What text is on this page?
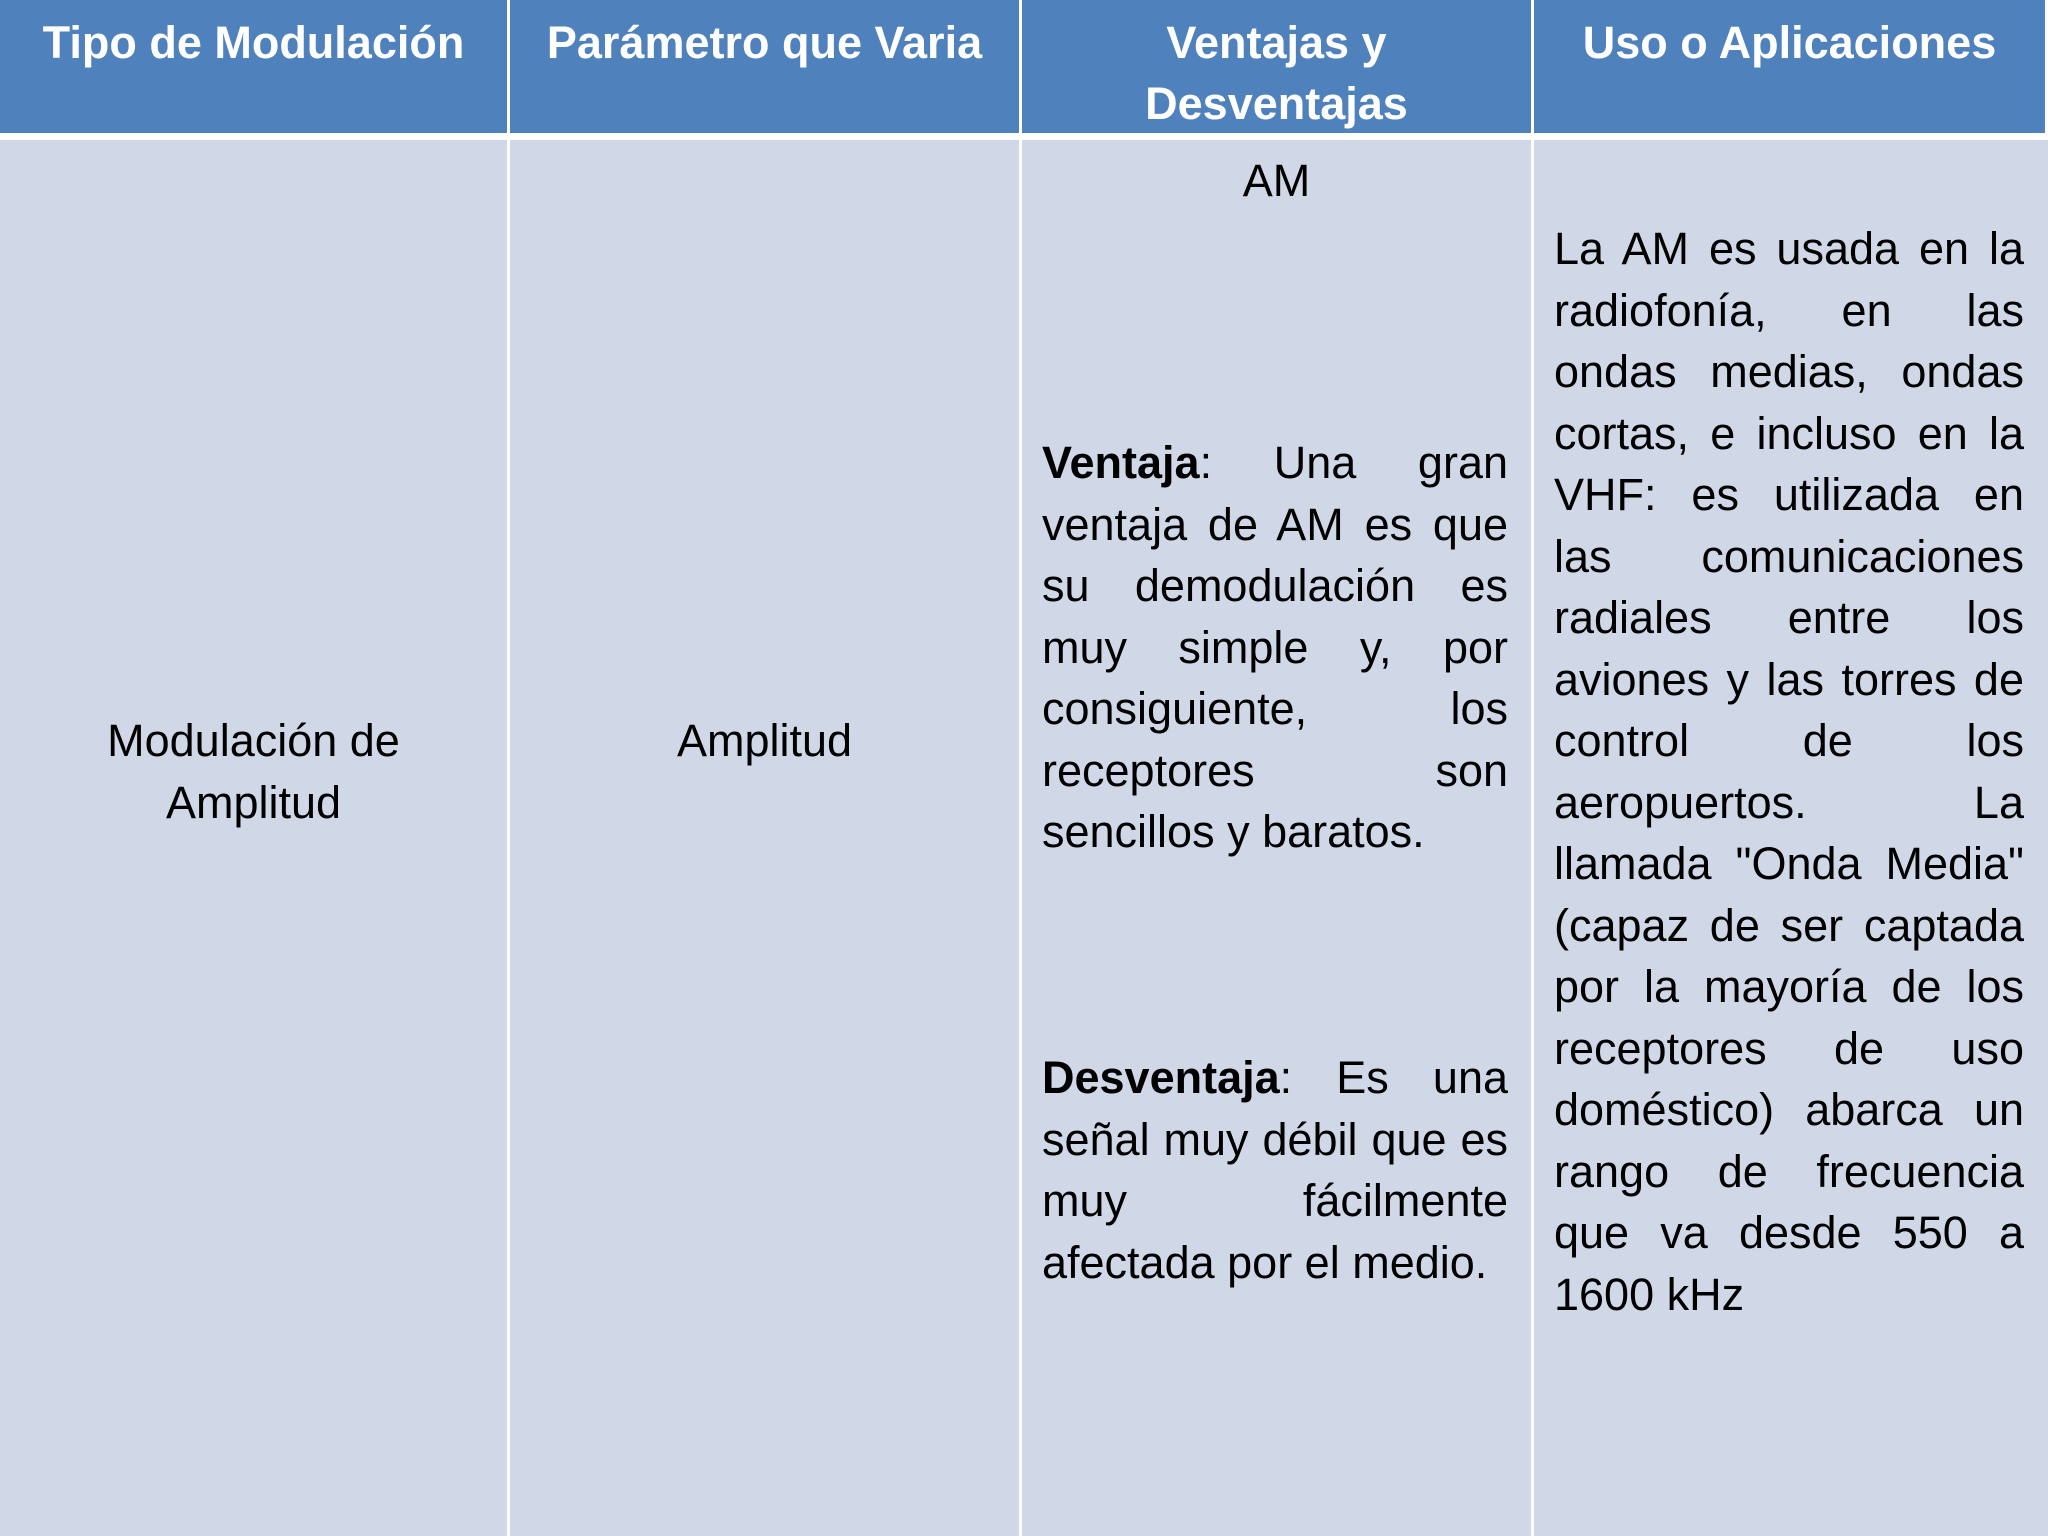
Tipo de Modulación	Parámetro que Varia	Ventajas y Desventajas
Uso o Aplicaciones
Modulación de Amplitud
Amplitud
AM
Ventaja: Una gran ventaja de AM es que su demodulación es muy simple y, por consiguiente, los receptores son sencillos y baratos.
Desventaja: Es una señal muy débil que es muy fácilmente afectada por el medio.
La AM es usada en la radiofonía, en las ondas medias, ondas cortas, e incluso en la VHF: es utilizada en las comunicaciones radiales entre los aviones y las torres de control de los aeropuertos. La llamada "Onda Media" (capaz de ser captada por la mayoría de los receptores de uso doméstico) abarca un rango de frecuencia que va desde 550 a 1600 kHz
